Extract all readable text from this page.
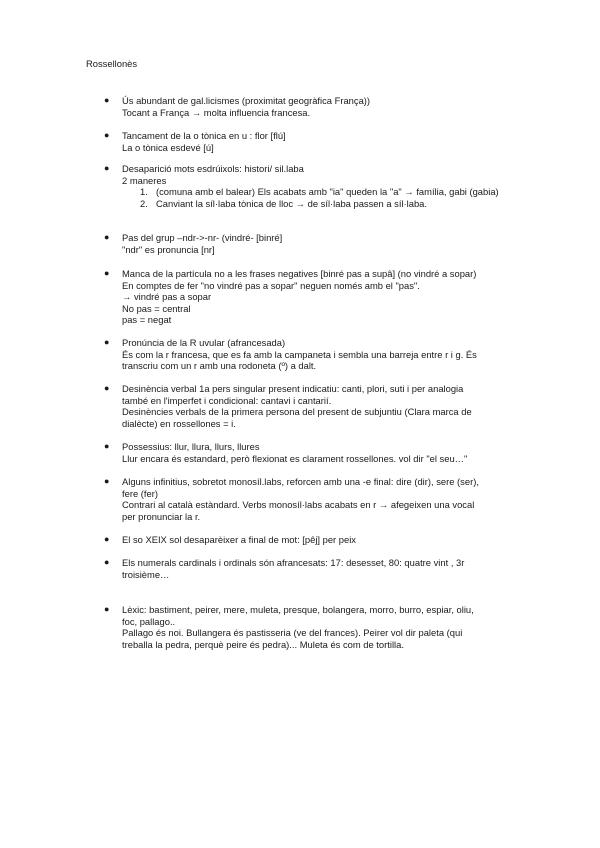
Rossellonès
● Ús abundant de gal.licismes (proximitat geogràfica França))
Tocant a França → molta influencia francesa.
● Tancament de la o tònica en u : flor [flú]
La o tònica esdevé [ú]
● Desaparició mots esdrúixols: histori/ sil.laba
2 maneres
1. (comuna amb el balear) Els acabats amb "ia" queden la "a" → família, gabi (gabia)
2. Canviant la síl·laba tònica de lloc → de síl·laba passen a síl·laba.
● Pas del grup –ndr->-nr- (vindré- [binré]
"ndr" es pronuncia [nr]
● Manca de la partícula no a les frases negatives [binré pas a supâ] (no vindré a sopar)
En comptes de fer "no vindré pas a sopar" neguen només amb el "pas".
→ vindré pas a sopar
No pas = central
pas = negat
● Pronúncia de la R uvular (afrancesada)
És com la r francesa, que es fa amb la campaneta i sembla una barreja entre r i g. És
transcriu com un r amb una rodoneta (º) a dalt.
● Desinència verbal 1a pers singular present indicatiu: canti, plori, suti i per analogia
també en l'imperfet i condicional: cantavi i cantarií.
Desinències verbals de la primera persona del present de subjuntiu (Clara marca de
dialècte) en rossellones = i.
● Possessius: llur, llura, llurs, llures
Llur encara és estandard, però flexionat es clarament rossellones. vol dir "el seu…"
● Alguns infinitius, sobretot monosíl.labs, reforcen amb una -e final: dire (dir), sere (ser),
fere (fer)
Contrari al català estàndard. Verbs monosíl·labs acabats en r → afegeixen una vocal
per pronunciar la r.
● El so XEIX sol desaparèixer a final de mot: [pêj] per peix
● Els numerals cardinals i ordinals són afrancesats: 17: desesset, 80: quatre vint , 3r
troisième…
● Lèxic: bastiment, peirer, mere, muleta, presque, bolangera, morro, burro, espiar, oliu,
foc, pallago..
Pallago és noi. Bullangera és pastisseria (ve del frances). Peirer vol dir paleta (qui
treballa la pedra, perquè peire és pedra)... Muleta és com de tortilla.
